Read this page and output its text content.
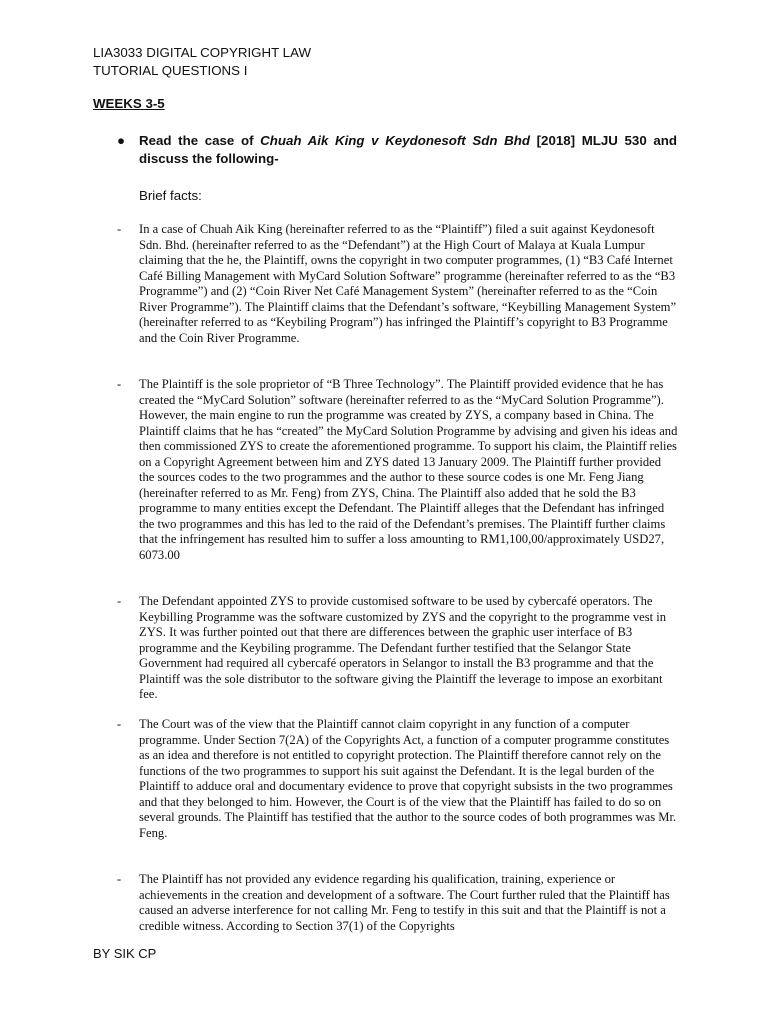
LIA3033 DIGITAL COPYRIGHT LAW
TUTORIAL QUESTIONS I
WEEKS 3-5
● Read the case of Chuah Aik King v Keydonesoft Sdn Bhd [2018] MLJU 530 and discuss the following-
Brief facts:
- In a case of Chuah Aik King (hereinafter referred to as the “Plaintiff”) filed a suit against Keydonesoft Sdn. Bhd. (hereinafter referred to as the “Defendant”) at the High Court of Malaya at Kuala Lumpur claiming that the he, the Plaintiff, owns the copyright in two computer programmes, (1) “B3 Café Internet Café Billing Management with MyCard Solution Software” programme (hereinafter referred to as the “B3 Programme”) and (2) “Coin River Net Café Management System” (hereinafter referred to as the “Coin River Programme”). The Plaintiff claims that the Defendant’s software, “Keybilling Management System” (hereinafter referred to as “Keybiling Program”) has infringed the Plaintiff’s copyright to B3 Programme and the Coin River Programme.
- The Plaintiff is the sole proprietor of “B Three Technology”. The Plaintiff provided evidence that he has created the “MyCard Solution” software (hereinafter referred to as the “MyCard Solution Programme”). However, the main engine to run the programme was created by ZYS, a company based in China. The Plaintiff claims that he has “created” the MyCard Solution Programme by advising and given his ideas and then commissioned ZYS to create the aforementioned programme. To support his claim, the Plaintiff relies on a Copyright Agreement between him and ZYS dated 13 January 2009. The Plaintiff further provided the sources codes to the two programmes and the author to these source codes is one Mr. Feng Jiang (hereinafter referred to as Mr. Feng) from ZYS, China. The Plaintiff also added that he sold the B3 programme to many entities except the Defendant. The Plaintiff alleges that the Defendant has infringed the two programmes and this has led to the raid of the Defendant’s premises. The Plaintiff further claims that the infringement has resulted him to suffer a loss amounting to RM1,100,00/approximately USD27, 6073.00
- The Defendant appointed ZYS to provide customised software to be used by cybercafé operators. The Keybilling Programme was the software customized by ZYS and the copyright to the programme vest in ZYS. It was further pointed out that there are differences between the graphic user interface of B3 programme and the Keybiling programme. The Defendant further testified that the Selangor State Government had required all cybercafé operators in Selangor to install the B3 programme and that the Plaintiff was the sole distributor to the software giving the Plaintiff the leverage to impose an exorbitant fee.
- The Court was of the view that the Plaintiff cannot claim copyright in any function of a computer programme. Under Section 7(2A) of the Copyrights Act, a function of a computer programme constitutes as an idea and therefore is not entitled to copyright protection. The Plaintiff therefore cannot rely on the functions of the two programmes to support his suit against the Defendant. It is the legal burden of the Plaintiff to adduce oral and documentary evidence to prove that copyright subsists in the two programmes and that they belonged to him. However, the Court is of the view that the Plaintiff has failed to do so on several grounds. The Plaintiff has testified that the author to the source codes of both programmes was Mr. Feng.
- The Plaintiff has not provided any evidence regarding his qualification, training, experience or achievements in the creation and development of a software. The Court further ruled that the Plaintiff has caused an adverse interference for not calling Mr. Feng to testify in this suit and that the Plaintiff is not a credible witness. According to Section 37(1) of the Copyrights
BY SIK CP
